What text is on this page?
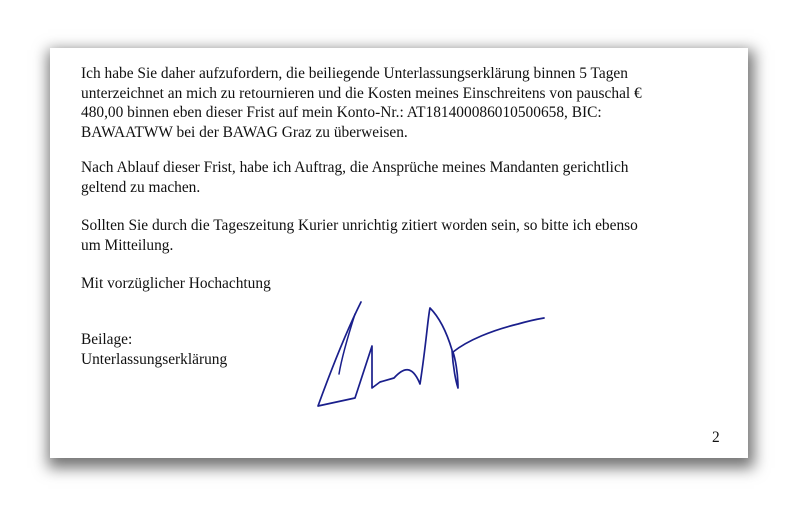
Ich habe Sie daher aufzufordern, die beiliegende Unterlassungserklärung binnen 5 Tagen
unterzeichnet an mich zu retournieren und die Kosten meines Einschreitens von pauschal €
480,00 binnen eben dieser Frist auf mein Konto-Nr.: AT181400086010500658, BIC:
BAWAATWW bei der BAWAG Graz zu überweisen.
Nach Ablauf dieser Frist, habe ich Auftrag, die Ansprüche meines Mandanten gerichtlich
geltend zu machen.
Sollten Sie durch die Tageszeitung Kurier unrichtig zitiert worden sein, so bitte ich ebenso
um Mitteilung.
Mit vorzüglicher Hochachtung
Beilage:
Unterlassungserklärung
2
